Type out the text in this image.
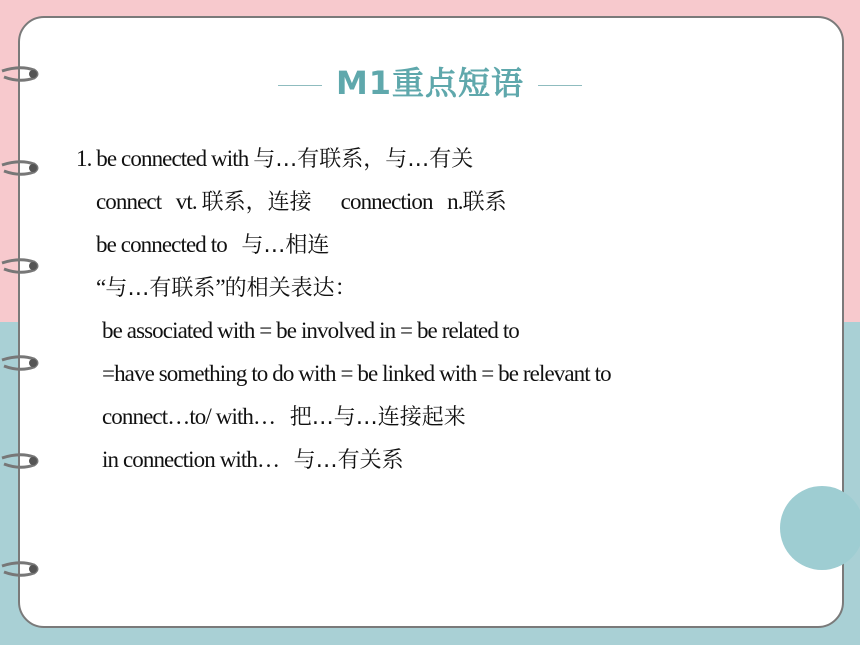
M1重点短语
1. be connected with 与…有联系，与…有关
connect   vt. 联系，连接      connection   n.联系
be connected to   与…相连
“与…有联系”的相关表达：
be associated with = be involved in = be related to
=have something to do with = be linked with = be relevant to
connect…to/ with…   把…与…连接起来
in connection with…   与…有关系
